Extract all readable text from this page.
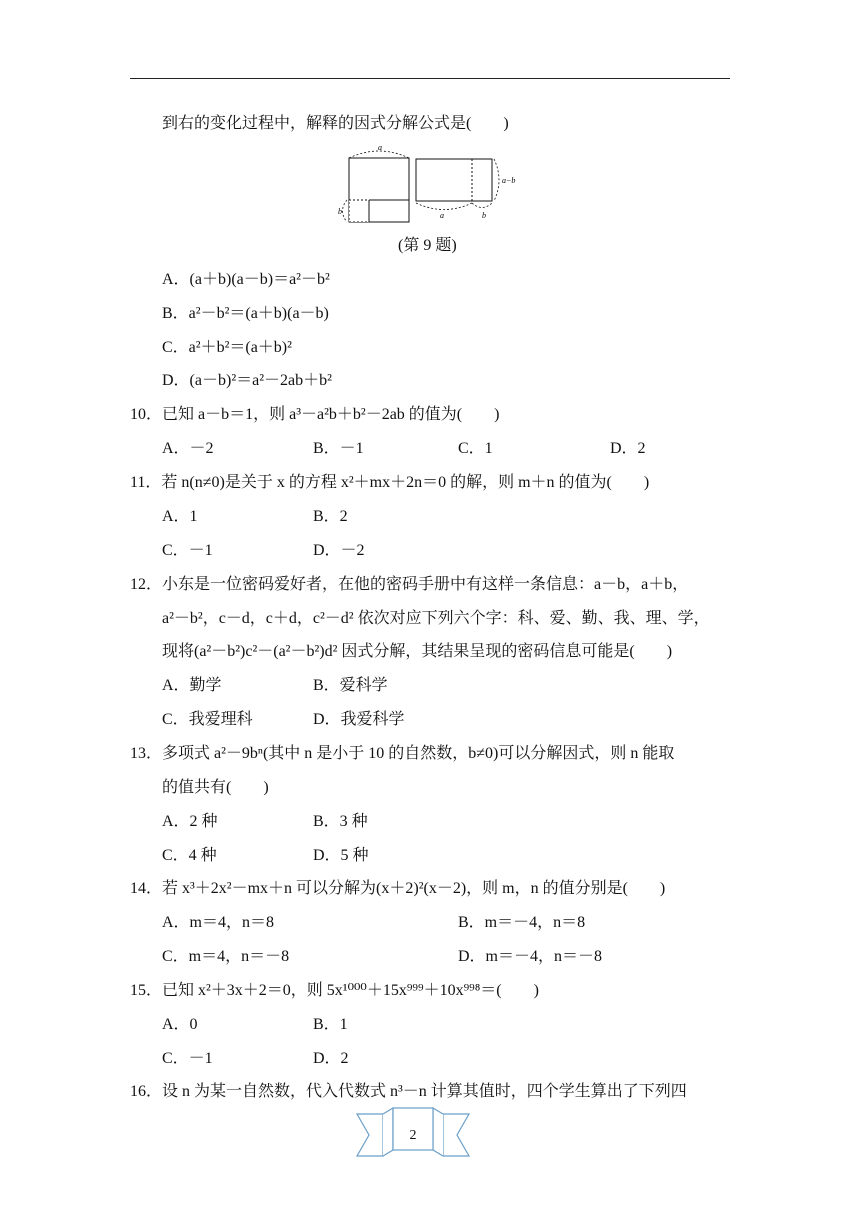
到右的变化过程中，解释的因式分解公式是(　　)
a
b	a	b
a−b
(第 9 题)
A．(a＋b)(a－b)＝a²－b²
B．a²－b²＝(a＋b)(a－b)
C．a²＋b²＝(a＋b)²
D．(a－b)²＝a²－2ab＋b²
10．已知 a－b＝1，则 a³－a²b＋b²－2ab 的值为(　　)
A．－2	B．－1	C．1	D．2
11．若 n(n≠0)是关于 x 的方程 x²＋mx＋2n＝0 的解，则 m＋n 的值为(　　)
A．1	B．2
C．－1	D．－2
12．小东是一位密码爱好者，在他的密码手册中有这样一条信息：a－b，a＋b，
a²－b²，c－d，c＋d，c²－d² 依次对应下列六个字：科、爱、勤、我、理、学，
现将(a²－b²)c²－(a²－b²)d² 因式分解，其结果呈现的密码信息可能是(　　)
A．勤学	B．爱科学
C．我爱理科	D．我爱科学
13．多项式 a²－9bⁿ(其中 n 是小于 10 的自然数，b≠0)可以分解因式，则 n 能取
的值共有(　　)
A．2 种	B．3 种
C．4 种	D．5 种
14．若 x³＋2x²－mx＋n 可以分解为(x＋2)²(x－2)，则 m，n 的值分别是(　　)
A．m＝4，n＝8	B．m＝－4，n＝8
C．m＝4，n＝－8	D．m＝－4，n＝－8
15．已知 x²＋3x＋2＝0，则 5x¹⁰⁰⁰＋15x⁹⁹⁹＋10x⁹⁹⁸＝(　　)
A．0	B．1
C．－1	D．2
16．设 n 为某一自然数，代入代数式 n³－n 计算其值时，四个学生算出了下列四
2
